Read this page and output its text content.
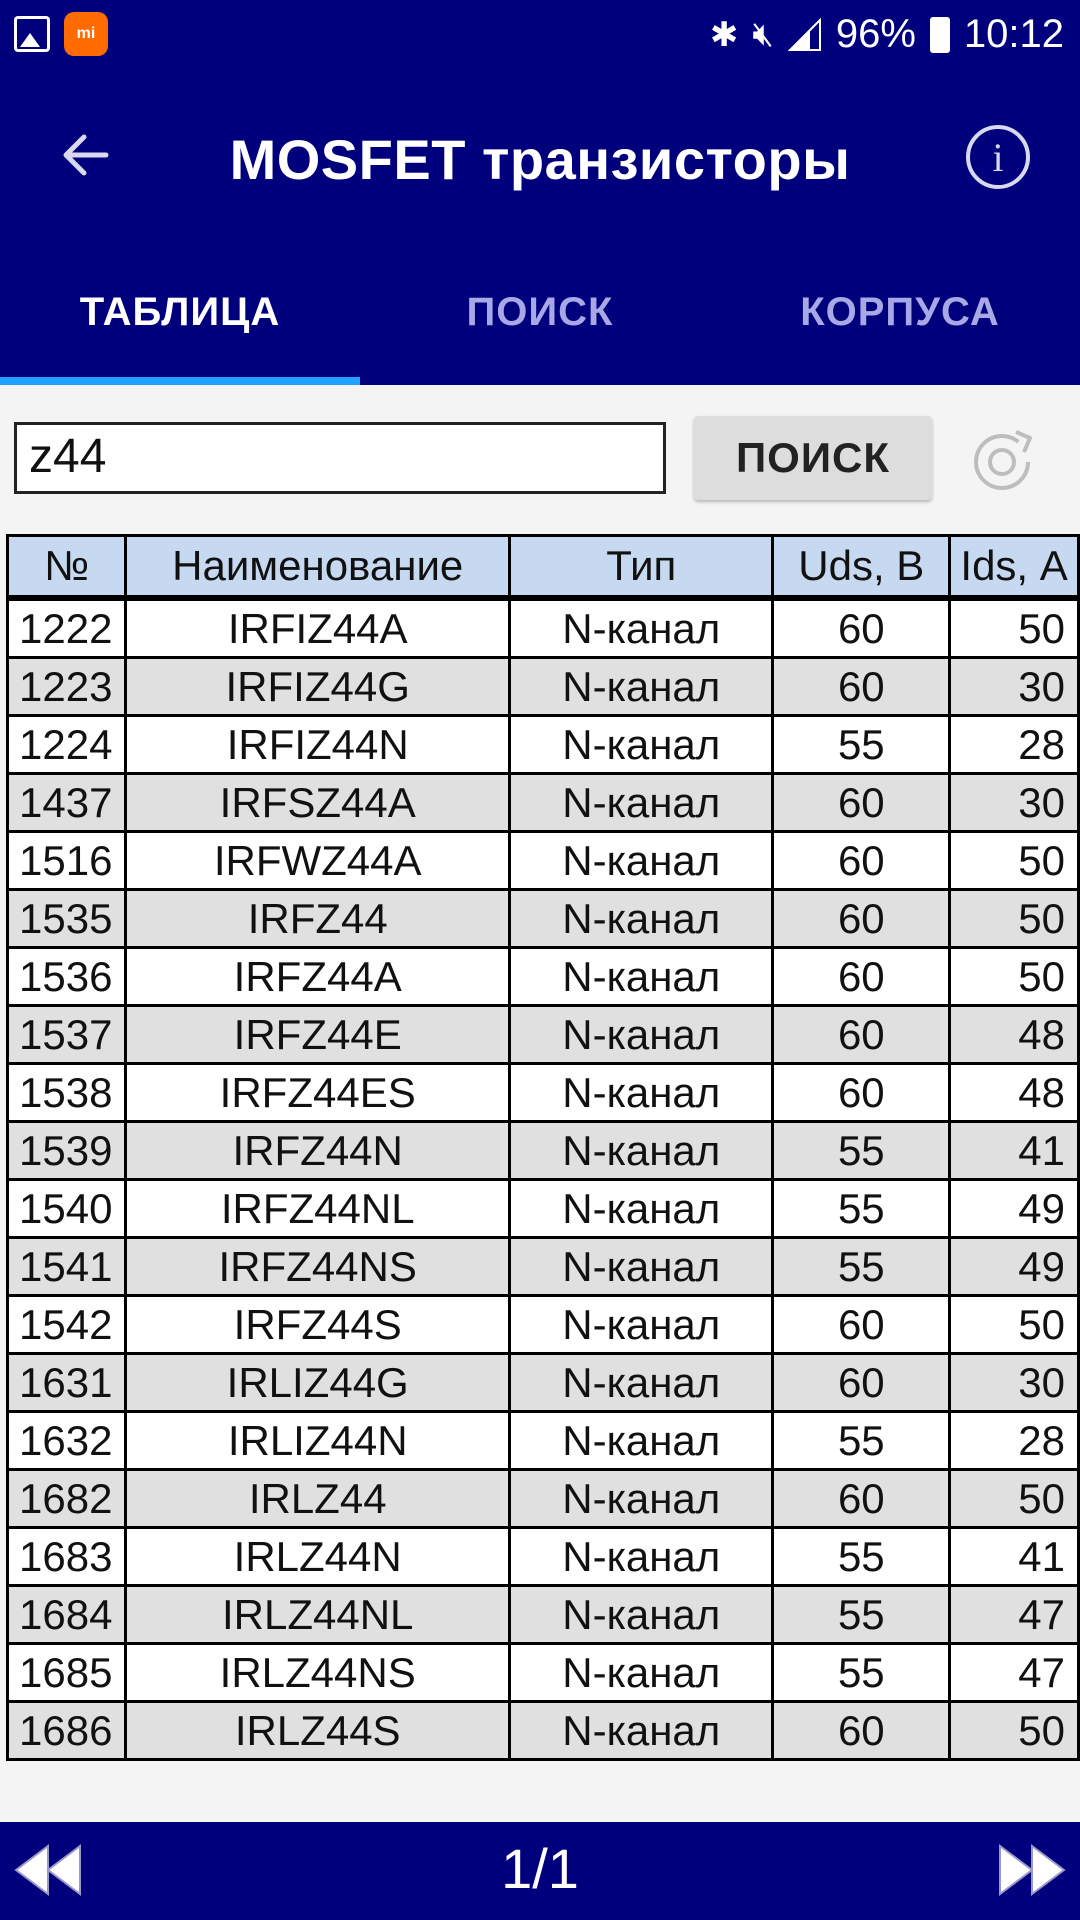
mi	✱ 🔇︎ 96% 10:12
MOSFET транзисторы	i
ТАБЛИЦА	ПОИСК	КОРПУСА
z44	ПОИСК
№	Наименование	Тип	Uds, В	Ids, А
1222	IRFIZ44A	N-канал	60	50
1223	IRFIZ44G	N-канал	60	30
1224	IRFIZ44N	N-канал	55	28
1437	IRFSZ44A	N-канал	60	30
1516	IRFWZ44A	N-канал	60	50
1535	IRFZ44	N-канал	60	50
1536	IRFZ44A	N-канал	60	50
1537	IRFZ44E	N-канал	60	48
1538	IRFZ44ES	N-канал	60	48
1539	IRFZ44N	N-канал	55	41
1540	IRFZ44NL	N-канал	55	49
1541	IRFZ44NS	N-канал	55	49
1542	IRFZ44S	N-канал	60	50
1631	IRLIZ44G	N-канал	60	30
1632	IRLIZ44N	N-канал	55	28
1682	IRLZ44	N-канал	60	50
1683	IRLZ44N	N-канал	55	41
1684	IRLZ44NL	N-канал	55	47
1685	IRLZ44NS	N-канал	55	47
1686	IRLZ44S	N-канал	60	50
1/1
